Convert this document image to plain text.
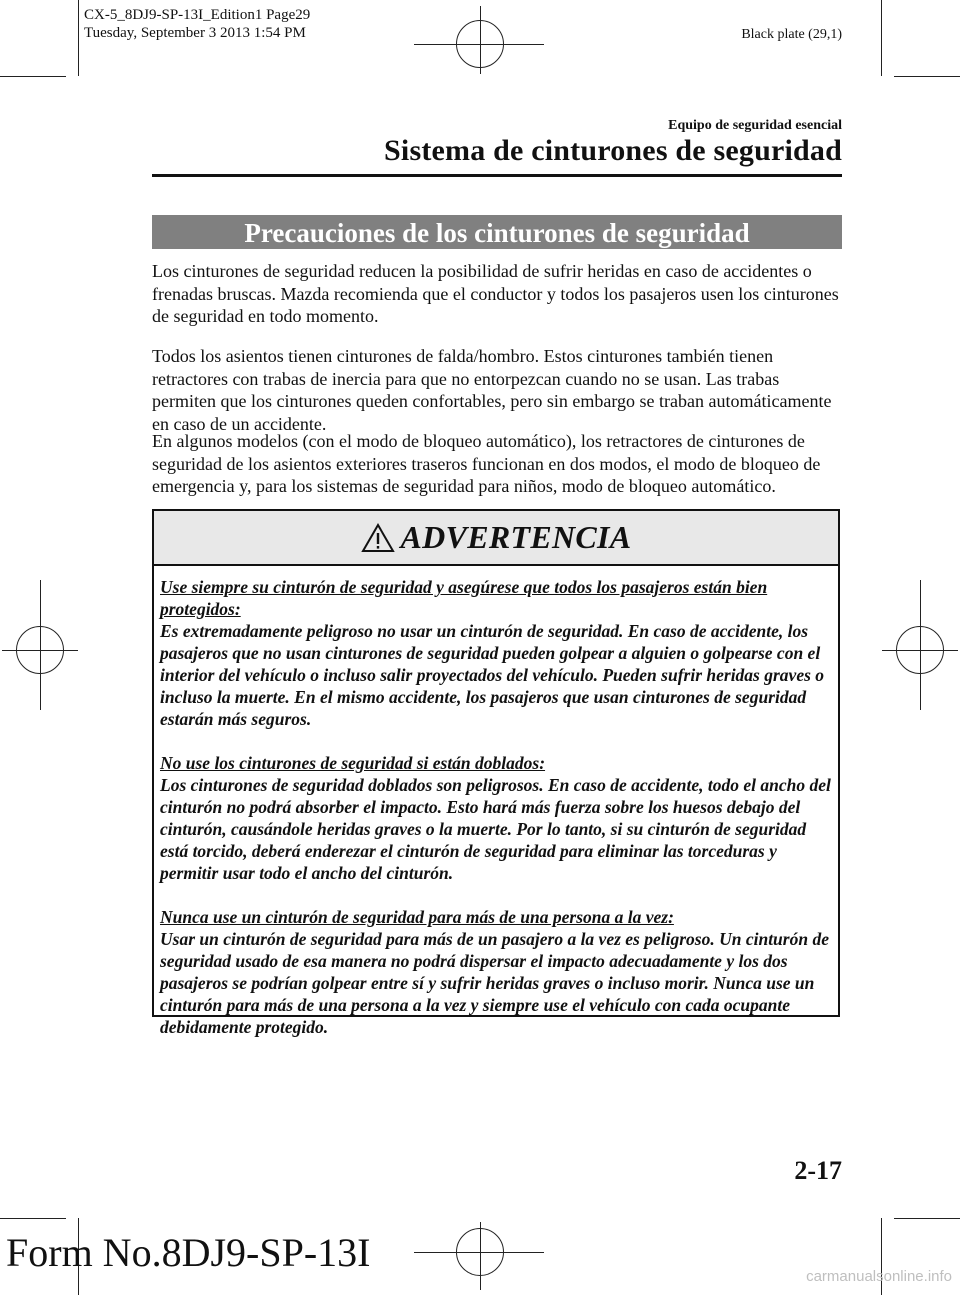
CX-5_8DJ9-SP-13I_Edition1 Page29
Tuesday, September 3 2013 1:54 PM	Black plate (29,1)
Equipo de seguridad esencial
Sistema de cinturones de seguridad
Precauciones de los cinturones de seguridad

Los cinturones de seguridad reducen la posibilidad de sufrir heridas en caso de accidentes o frenadas bruscas. Mazda recomienda que el conductor y todos los pasajeros usen los cinturones de seguridad en todo momento.

Todos los asientos tienen cinturones de falda/hombro. Estos cinturones también tienen retractores con trabas de inercia para que no entorpezcan cuando no se usan. Las trabas permiten que los cinturones queden confortables, pero sin embargo se traban automáticamente en caso de un accidente.

En algunos modelos (con el modo de bloqueo automático), los retractores de cinturones de seguridad de los asientos exteriores traseros funcionan en dos modos, el modo de bloqueo de emergencia y, para los sistemas de seguridad para niños, modo de bloqueo automático.

ADVERTENCIA
Use siempre su cinturón de seguridad y asegúrese que todos los pasajeros están bien protegidos:
Es extremadamente peligroso no usar un cinturón de seguridad. En caso de accidente, los pasajeros que no usan cinturones de seguridad pueden golpear a alguien o golpearse con el interior del vehículo o incluso salir proyectados del vehículo. Pueden sufrir heridas graves o incluso la muerte. En el mismo accidente, los pasajeros que usan cinturones de seguridad estarán más seguros.
No use los cinturones de seguridad si están doblados:
Los cinturones de seguridad doblados son peligrosos. En caso de accidente, todo el ancho del cinturón no podrá absorber el impacto. Esto hará más fuerza sobre los huesos debajo del cinturón, causándole heridas graves o la muerte. Por lo tanto, si su cinturón de seguridad está torcido, deberá enderezar el cinturón de seguridad para eliminar las torceduras y permitir usar todo el ancho del cinturón.
Nunca use un cinturón de seguridad para más de una persona a la vez:
Usar un cinturón de seguridad para más de un pasajero a la vez es peligroso. Un cinturón de seguridad usado de esa manera no podrá dispersar el impacto adecuadamente y los dos pasajeros se podrían golpear entre sí y sufrir heridas graves o incluso morir. Nunca use un cinturón para más de una persona a la vez y siempre use el vehículo con cada ocupante debidamente protegido.
2-17
Form No.8DJ9-SP-13I
carmanualsonline.info
